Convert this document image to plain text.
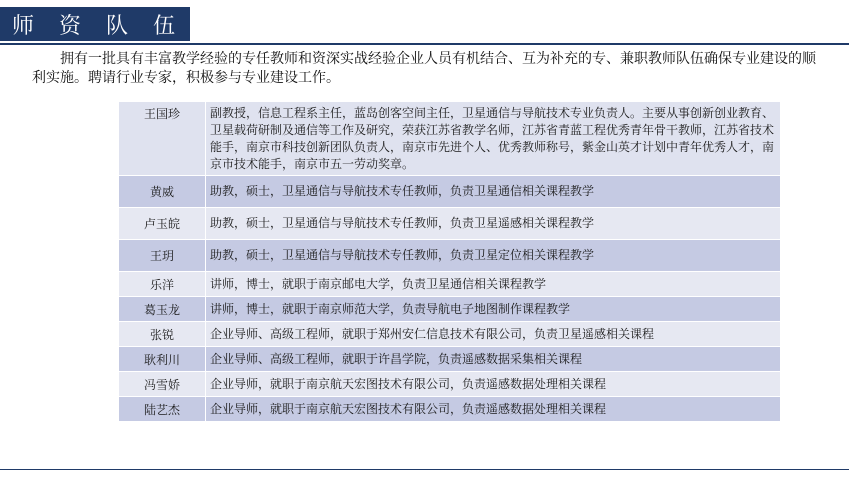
师 资 队 伍
拥有一批具有丰富教学经验的专任教师和资深实战经验企业人员有机结合、互为补充的专、兼职教师队伍确保专业建设的顺利实施。聘请行业专家，积极参与专业建设工作。
王国珍	副教授，信息工程系主任，蓝岛创客空间主任，卫星通信与导航技术专业负责人。主要从事创新创业教育、卫星载荷研制及通信等工作及研究，荣获江苏省教学名师，江苏省青蓝工程优秀青年骨干教师，江苏省技术能手，南京市科技创新团队负责人，南京市先进个人、优秀教师称号，紫金山英才计划中青年优秀人才，南京市技术能手，南京市五一劳动奖章。
黄威	助教，硕士，卫星通信与导航技术专任教师，负责卫星通信相关课程教学
卢玉皖	助教，硕士，卫星通信与导航技术专任教师，负责卫星遥感相关课程教学
王玥	助教，硕士，卫星通信与导航技术专任教师，负责卫星定位相关课程教学
乐洋	讲师，博士，就职于南京邮电大学，负责卫星通信相关课程教学
葛玉龙	讲师，博士，就职于南京师范大学，负责导航电子地图制作课程教学
张锐	企业导师、高级工程师，就职于郑州安仁信息技术有限公司，负责卫星遥感相关课程
耿利川	企业导师、高级工程师，就职于许昌学院，负责遥感数据采集相关课程
冯雪娇	企业导师，就职于南京航天宏图技术有限公司，负责遥感数据处理相关课程
陆艺杰	企业导师，就职于南京航天宏图技术有限公司，负责遥感数据处理相关课程
